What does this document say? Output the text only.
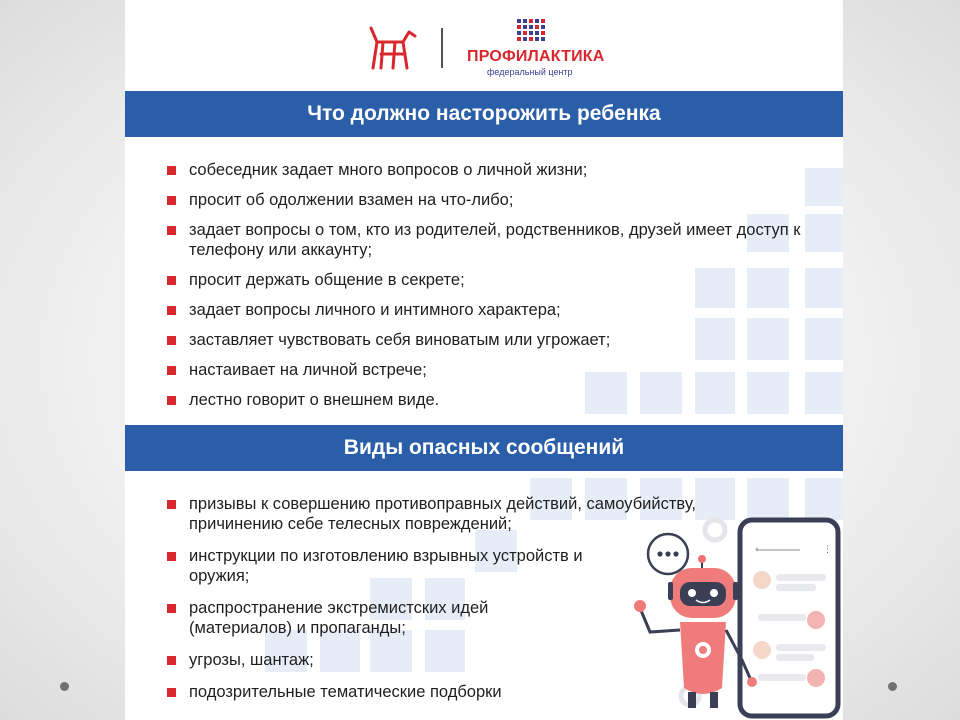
ПРОФИЛАКТИКА
федеральный центр
Что должно насторожить ребенка
собеседник задает много вопросов о личной жизни;
просит об одолжении взамен на что-либо;
задает вопросы о том, кто из родителей, родственников, друзей имеет доступ к телефону или аккаунту;
просит держать общение в секрете;
задает вопросы личного и интимного характера;
заставляет чувствовать себя виноватым или угрожает;
настаивает на личной встрече;
лестно говорит о внешнем виде.
Виды опасных сообщений
призывы к совершению противоправных действий, самоубийству, причинению себе телесных повреждений;
инструкции по изготовлению взрывных устройств и оружия;
распространение экстремистских идей (материалов) и пропаганды;
угрозы, шантаж;
подозрительные тематические подборки
‹	⋮
